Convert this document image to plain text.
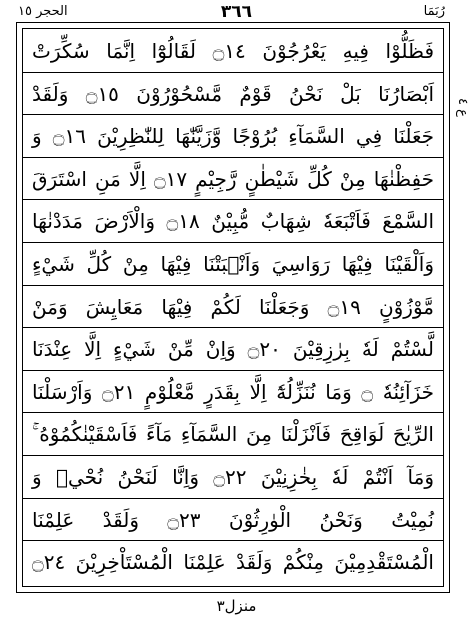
الحجر ١٥	٣٦٦	رُبَمَا
ع ٤
فَظَلُّوْا فِيهِ يَعْرُجُوْنَ ۝١٤ لَقَالُوْٓا اِنَّمَا سُكِّرَتْ
اَبْصَارُنَا بَلْ نَحْنُ قَوْمٌ مَّسْحُوْرُوْنَ ۝١٥ وَلَقَدْ
جَعَلْنَا فِي السَّمَآءِ بُرُوْجًا وَّزَيَّنّٰهَا لِلنّٰظِرِيْنَ ۝١٦ وَ
حَفِظْنٰهَا مِنْ كُلِّ شَيْطٰنٍ رَّجِيْمٍ ۝١٧ اِلَّا مَنِ اسْتَرَقَ
السَّمْعَ فَاَتْبَعَهٗ شِهَابٌ مُّبِيْنٌ ۝١٨ وَالْاَرْضَ مَدَدْنٰهَا
وَاَلْقَيْنَا فِيْهَا رَوَاسِيَ وَاَنْۢبَتْنَا فِيْهَا مِنْ كُلِّ شَيْءٍ
مَّوْزُوْنٍ ۝١٩ وَجَعَلْنَا لَكُمْ فِيْهَا مَعَايِشَ وَمَنْ
لَّسْتُمْ لَهٗ بِرٰزِقِيْنَ ۝٢٠ وَاِنْ مِّنْ شَيْءٍ اِلَّا عِنْدَنَا
خَزَآئِنُهٗ ۝ وَمَا نُنَزِّلُهٗٓ اِلَّا بِقَدَرٍ مَّعْلُوْمٍ ۝٢١ وَاَرْسَلْنَا
الرِّيٰحَ لَوَاقِحَ فَاَنْزَلْنَا مِنَ السَّمَآءِ مَآءً فَاَسْقَيْنٰكُمُوْهُ ۚ
وَمَآ اَنْتُمْ لَهٗ بِخٰزِنِيْنَ ۝٢٢ وَاِنَّا لَنَحْنُ نُحْيٖ وَ
نُمِيْتُ وَنَحْنُ الْوٰرِثُوْنَ ۝٢٣ وَلَقَدْ عَلِمْنَا
الْمُسْتَقْدِمِيْنَ مِنْكُمْ وَلَقَدْ عَلِمْنَا الْمُسْتَاْخِرِيْنَ ۝٢٤
منزل٣
